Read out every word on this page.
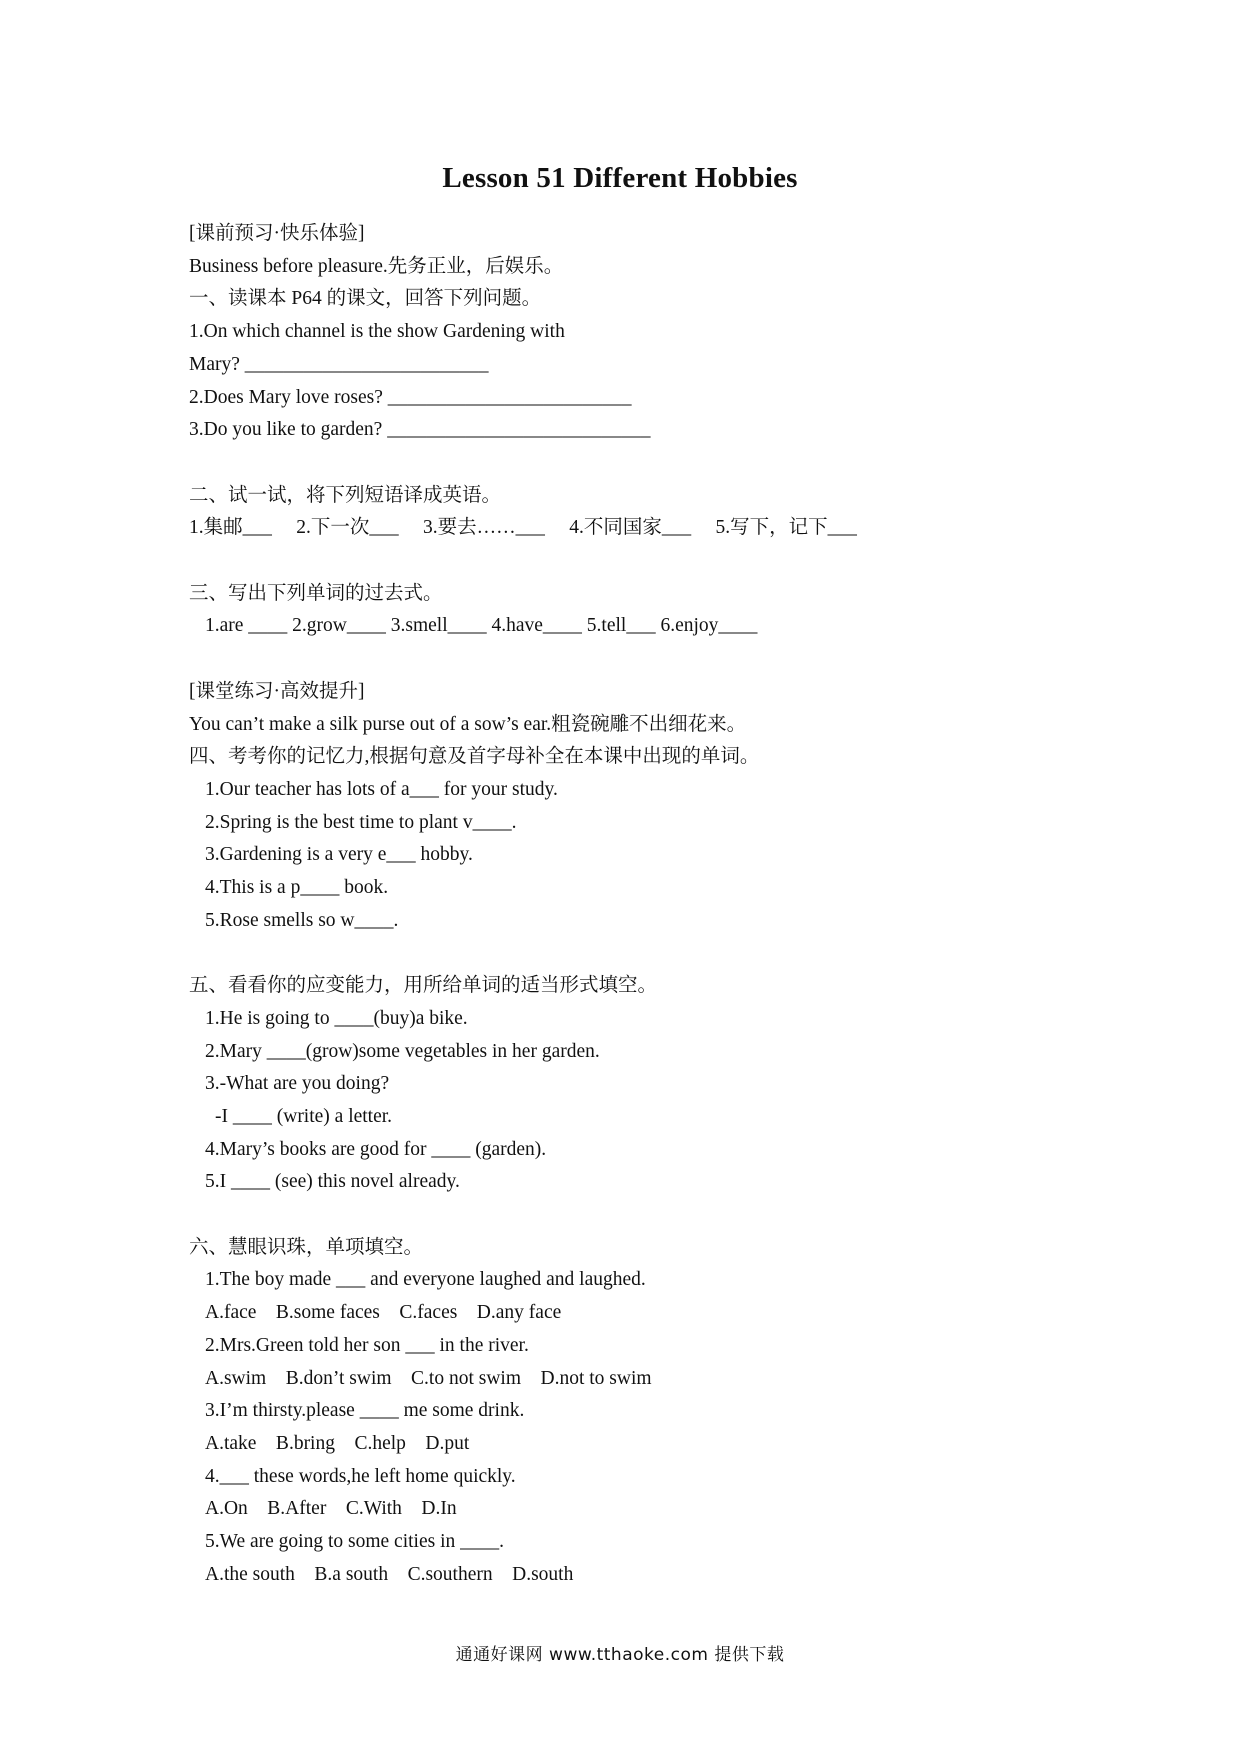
Lesson 51 Different Hobbies
[课前预习·快乐体验]
Business before pleasure.先务正业，后娱乐。
一、读课本 P64 的课文，回答下列问题。
1.On which channel is the show Gardening with
Mary? _________________________
2.Does Mary love roses? _________________________
3.Do you like to garden? ___________________________
二、试一试，将下列短语译成英语。
1.集邮___     2.下一次___     3.要去……___     4.不同国家___     5.写下，记下___
三、写出下列单词的过去式。
1.are ____ 2.grow____ 3.smell____ 4.have____ 5.tell___ 6.enjoy____
[课堂练习·高效提升]
You can’t make a silk purse out of a sow’s ear.粗瓷碗雕不出细花来。
四、考考你的记忆力,根据句意及首字母补全在本课中出现的单词。
1.Our teacher has lots of a___ for your study.
2.Spring is the best time to plant v____.
3.Gardening is a very e___ hobby.
4.This is a p____ book.
5.Rose smells so w____.
五、看看你的应变能力，用所给单词的适当形式填空。
1.He is going to ____(buy)a bike.
2.Mary ____(grow)some vegetables in her garden.
3.-What are you doing?
-I ____ (write) a letter.
4.Mary’s books are good for ____ (garden).
5.I ____ (see) this novel already.
六、慧眼识珠，单项填空。
1.The boy made ___ and everyone laughed and laughed.
A.face    B.some faces    C.faces    D.any face
2.Mrs.Green told her son ___ in the river.
A.swim    B.don’t swim    C.to not swim    D.not to swim
3.I’m thirsty.please ____ me some drink.
A.take    B.bring    C.help    D.put
4.___ these words,he left home quickly.
A.On    B.After    C.With    D.In
5.We are going to some cities in ____.
A.the south    B.a south    C.southern    D.south
通通好课网 www.tthaoke.com 提供下载
